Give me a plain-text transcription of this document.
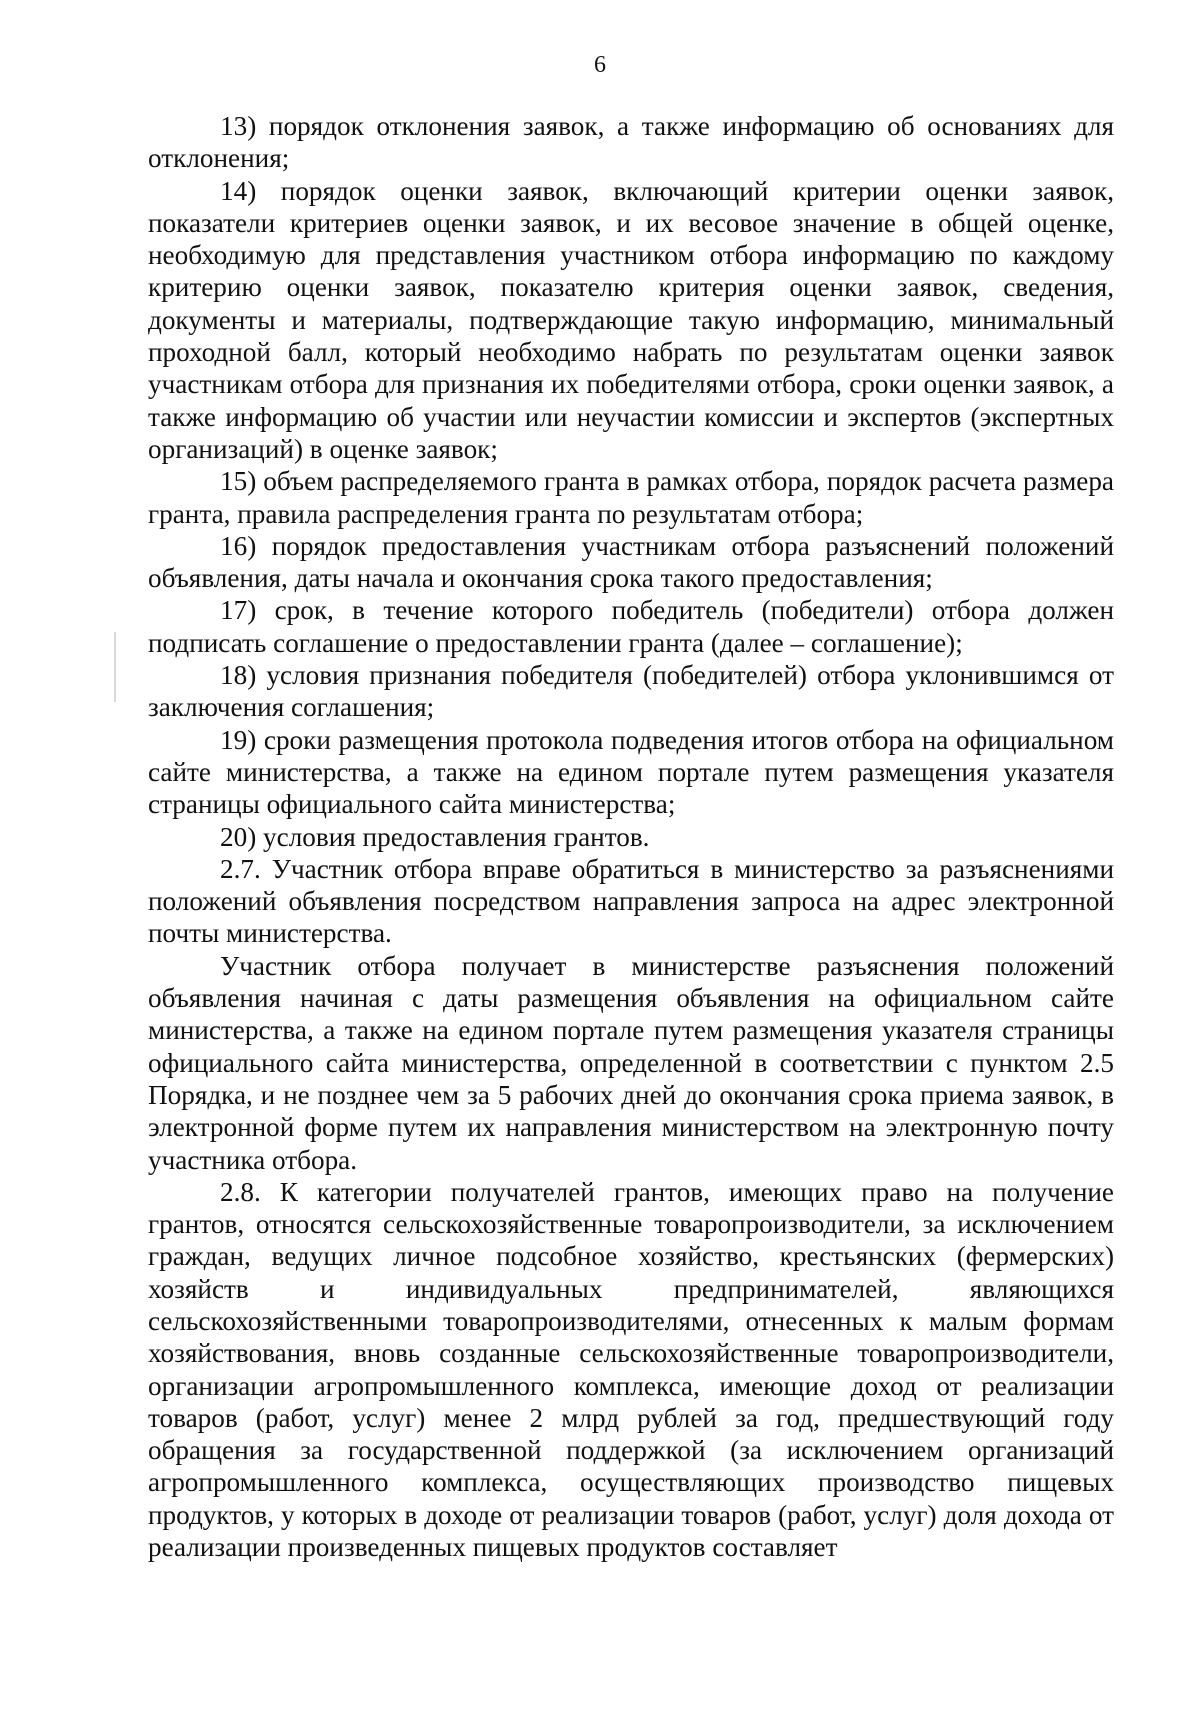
6

13) порядок отклонения заявок, а также информацию об основаниях для отклонения;

14) порядок оценки заявок, включающий критерии оценки заявок, показатели критериев оценки заявок, и их весовое значение в общей оценке, необходимую для представления участником отбора информацию по каждому критерию оценки заявок, показателю критерия оценки заявок, сведения, документы и материалы, подтверждающие такую информацию, минимальный проходной балл, который необходимо набрать по результатам оценки заявок участникам отбора для признания их победителями отбора, сроки оценки заявок, а также информацию об участии или неучастии комиссии и экспертов (экспертных организаций) в оценке заявок;

15) объем распределяемого гранта в рамках отбора, порядок расчета размера гранта, правила распределения гранта по результатам отбора;

16) порядок предоставления участникам отбора разъяснений положений объявления, даты начала и окончания срока такого предоставления;

17) срок, в течение которого победитель (победители) отбора должен подписать соглашение о предоставлении гранта (далее – соглашение);

18) условия признания победителя (победителей) отбора уклонившимся от заключения соглашения;

19) сроки размещения протокола подведения итогов отбора на официальном сайте министерства, а также на едином портале путем размещения указателя страницы официального сайта министерства;

20) условия предоставления грантов.

2.7. Участник отбора вправе обратиться в министерство за разъяснениями положений объявления посредством направления запроса на адрес электронной почты министерства.

Участник отбора получает в министерстве разъяснения положений объявления начиная с даты размещения объявления на официальном сайте министерства, а также на едином портале путем размещения указателя страницы официального сайта министерства, определенной в соответствии с пунктом 2.5 Порядка, и не позднее чем за 5 рабочих дней до окончания срока приема заявок, в электронной форме путем их направления министерством на электронную почту участника отбора.

2.8. К категории получателей грантов, имеющих право на получение грантов, относятся сельскохозяйственные товаропроизводители, за исключением граждан, ведущих личное подсобное хозяйство, крестьянских (фермерских) хозяйств и индивидуальных предпринимателей, являющихся сельскохозяйственными товаропроизводителями, отнесенных к малым формам хозяйствования, вновь созданные сельскохозяйственные товаропроизводители, организации агропромышленного комплекса, имеющие доход от реализации товаров (работ, услуг) менее 2 млрд рублей за год, предшествующий году обращения за государственной поддержкой (за исключением организаций агропромышленного комплекса, осуществляющих производство пищевых продуктов, у которых в доходе от реализации товаров (работ, услуг) доля дохода от реализации произведенных пищевых продуктов составляет
